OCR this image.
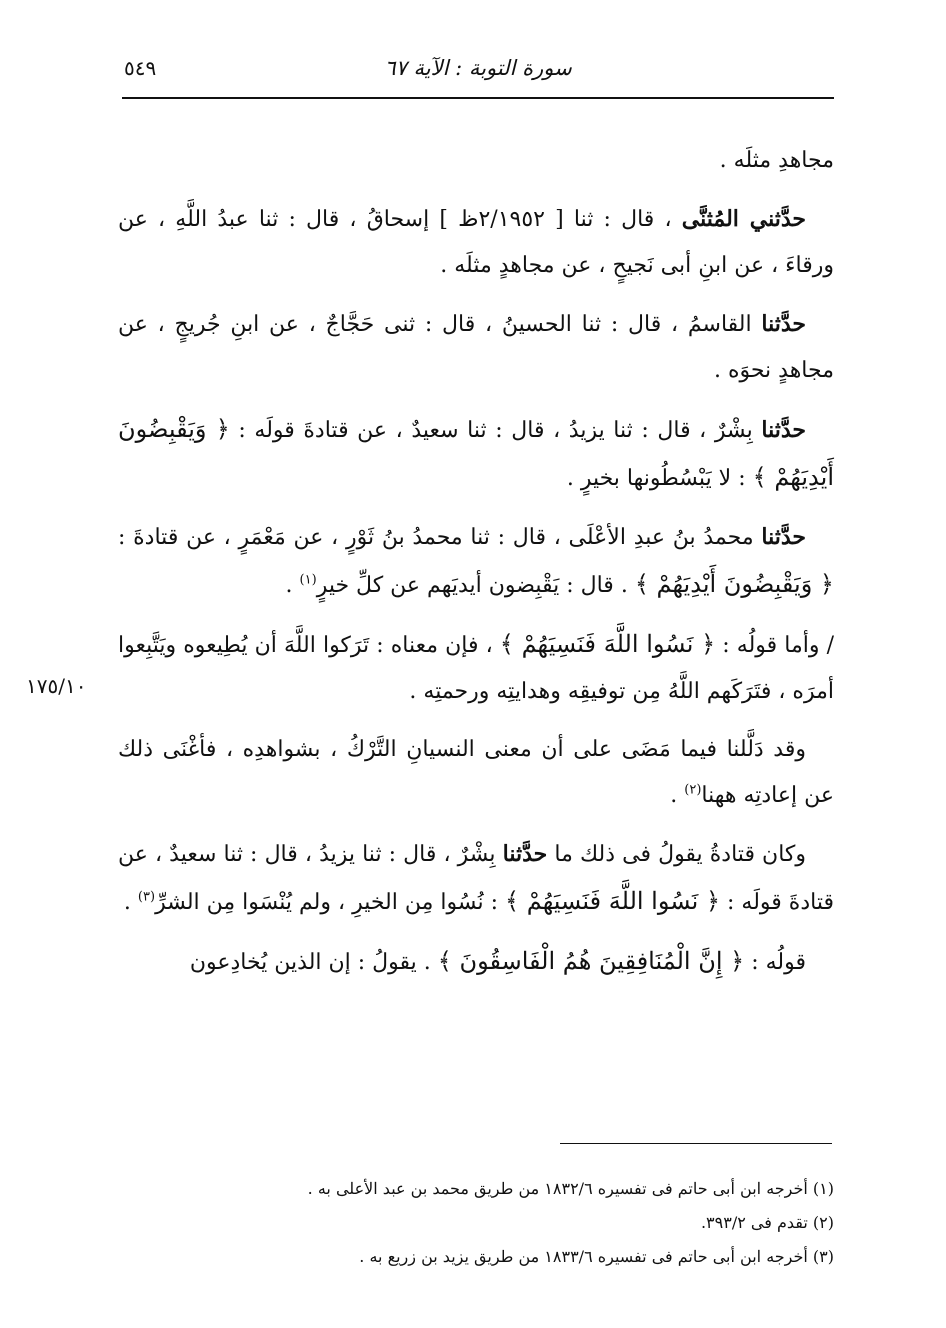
٥٤٩	سورة التوبة : الآية ٦٧
١٧٥/١٠

مجاهدِ مثلَه .

حدَّثني المُثنَّى ، قال : ثنا [ ٢/١٩٥٢ظ ] إسحاقُ ، قال : ثنا عبدُ اللَّهِ ، عن ورقاءَ ، عن ابنِ أبى نَجيحٍ ، عن مجاهدٍ مثلَه .

حدَّثنا القاسمُ ، قال : ثنا الحسينُ ، قال : ثنى حَجَّاجٌ ، عن ابنِ جُريجٍ ، عن مجاهدٍ نحوَه .

حدَّثنا بِشْرٌ ، قال : ثنا يزيدُ ، قال : ثنا سعيدٌ ، عن قتادةَ قولَه : ﴿ وَيَقْبِضُونَ أَيْدِيَهُمْ ﴾ : لا يَبْسُطُونها بخيرٍ .

حدَّثنا محمدُ بنُ عبدِ الأعْلَى ، قال : ثنا محمدُ بنُ ثَوْرٍ ، عن مَعْمَرٍ ، عن قتادةَ : ﴿ وَيَقْبِضُونَ أَيْدِيَهُمْ ﴾ . قال : يَقْبِضون أيديَهم عن كلِّ خيرٍ$^{(١)}$ .

/ وأما قولُه : ﴿ نَسُوا اللَّهَ فَنَسِيَهُمْ ﴾ ، فإن معناه : تَرَكوا اللَّهَ أن يُطِيعوه ويَتَّبِعوا أمرَه ، فتَرَكَهم اللَّهُ مِن توفيقِه وهدايتِه ورحمتِه .

وقد دَلَّلنا فيما مَضَى على أن معنى النسيانِ التَّرْكُ ، بشواهدِه ، فأغْنَى ذلك عن إعادتِه ههنا$^{(٢)}$ .

وكان قتادةُ يقولُ فى ذلك ما حدَّثنا بِشْرٌ ، قال : ثنا يزيدُ ، قال : ثنا سعيدٌ ، عن قتادةَ قولَه : ﴿ نَسُوا اللَّهَ فَنَسِيَهُمْ ﴾ : نُسُوا مِن الخيرِ ، ولم يُنْسَوا مِن الشرِّ$^{(٣)}$ .

قولُه : ﴿ إِنَّ الْمُنَافِقِينَ هُمُ الْفَاسِقُونَ ﴾ . يقولُ : إن الذين يُخادِعون

(١) أخرجه ابن أبى حاتم فى تفسيره ١٨٣٢/٦ من طريق محمد بن عبد الأعلى به .
(٢) تقدم فى ٣٩٣/٢.
(٣) أخرجه ابن أبى حاتم فى تفسيره ١٨٣٣/٦ من طريق يزيد بن زريع به .
